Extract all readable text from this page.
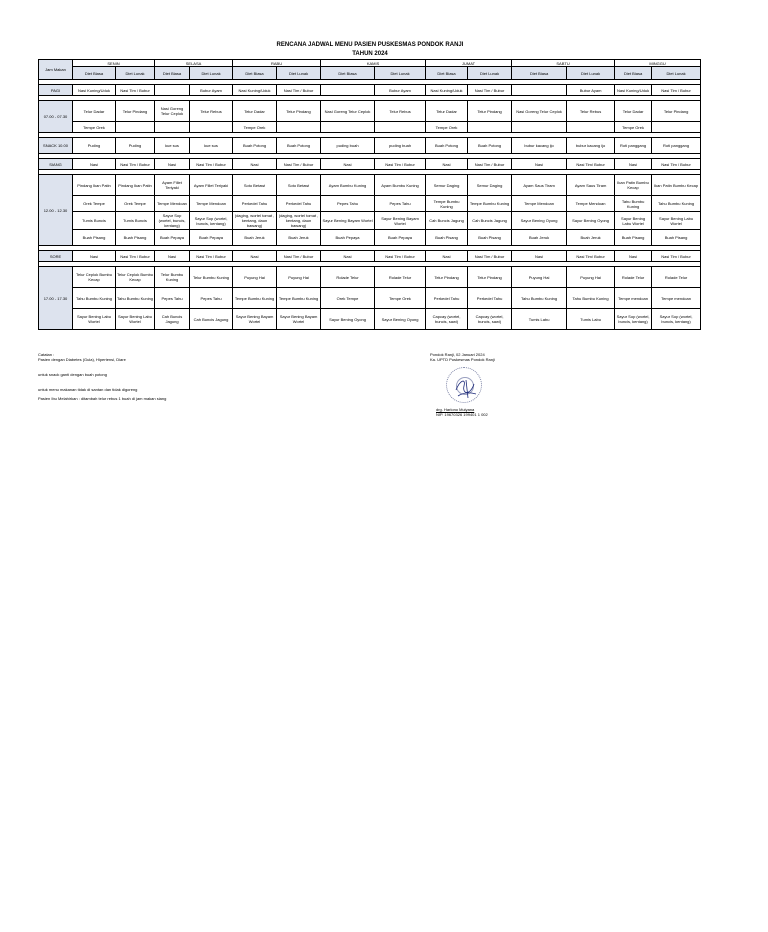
RENCANA JADWAL MENU PASIEN PUSKESMAS PONDOK RANJI
TAHUN 2024
Jam Makan	SENIN		SELASA		RABU		KAMIS		JUMAT		SABTU		MINGGU	
	Diet Biasa	Diet Lunak	Diet Biasa	Diet Lunak	Diet Biasa	Diet Lunak	Diet Biasa	Diet Lunak	Diet Biasa	Diet Lunak	Diet Biasa	Diet Lunak	Diet Biasa	Diet Lunak

PAGI	Nasi Kuning/Uduk	Nasi Tim / Bubur		Bubur Ayam	Nasi Kuning/Uduk	Nasi Tim / Bubur		Bubur Ayam	Nasi Kuning/Uduk	Nasi Tim / Bubur		Bubur Ayam	Nasi Kuning/Uduk	Nasi Tim / Bubur

07.00 - 07.30	Telur Dadar	Telur Pindang	Nasi Goreng Telur Ceplok	Telur Rebus	Telur Dadar	Telur Pindang	Nasi Goreng Telur Ceplok	Telur Rebus	Telur Dadar	Telur Pindang	Nasi Goreng Telur Ceplok	Telur Rebus	Telur Dadar	Telur Pindang
	Tempe Orek				Tempe Orek				Tempe Orek				Tempe Orek	

SNACK 10.00	Puding	Puding	kue sus	kue sus	Buah Potong	Buah Potong	puding buah	puding buah	Buah Potong	Buah Potong	bubur kacang ijo	bubur kacang ijo	Roti panggang	Roti panggang

SIANG	Nasi	Nasi Tim / Bubur	Nasi	Nasi Tim / Bubur	Nasi	Nasi Tim / Bubur	Nasi	Nasi Tim / Bubur	Nasi	Nasi Tim / Bubur	Nasi	Nasi Tim/ Bubur	Nasi	Nasi Tim / Bubur

12.00 - 12.30	Pindang Ikan Patin	Pindang Ikan Patin	Ayam Fillet Teriyaki	Ayam Fillet Teriyaki	Soto Betawi	Soto Betawi	Ayam Bumbu Kuning	Ayam Bumbu Kuning	Semur Daging	Semur Daging	Ayam Saus Tiram	Ayam Saus Tiram	Ikan Patin Bumbu Kecap	Ikan Patin Bumbu Kecap
	Orek Tempe	Orek Tempe	Tempe Mendoan	Tempe Mendoan	Perkedel Tahu	Perkedel Tahu	Pepes Tahu	Pepes Tahu	Tempe Bumbu Kuning	Tempe Bumbu Kuning	Tempe Mendoan	Tempe Mendoan	Tahu Bumbu Kuning	Tahu Bumbu Kuning
	Tumis Buncis	Tumis Buncis	Sayur Sop (wortel, buncis, kentang)	Sayur Sop (wortel, buncis, kentang)	(daging, wortel tomat , kentang, daun bawang)	(daging, wortel tomat , kentang, daun bawang)	Sayur Bening Bayam Wortel	Sayur Bening Bayam Wortel	Cah Buncis Jagung	Cah Buncis Jagung	Sayur Bening Oyong	Sayur Bening Oyong	Sayur Bening Labu Wortel	Sayur Bening Labu Wortel
	Buah Pisang	Buah Pisang	Buah Pepaya	Buah Pepaya	Buah Jeruk	Buah Jeruk	Buah Pepaya	Buah Pepaya	Buah Pisang	Buah Pisang	Buah Jeruk	Buah Jeruk	Buah Pisang	Buah Pisang

SORE	Nasi	Nasi Tim / Bubur	Nasi	Nasi Tim / Bubur	Nasi	Nasi Tim / Bubur	Nasi	Nasi Tim / Bubur	Nasi	Nasi Tim / Bubur	Nasi	Nasi Tim/ Bubur	Nasi	Nasi Tim / Bubur

17.00 - 17.30	Telur Ceplok Bumbu Kecap	Telur Ceplok Bumbu Kecap	Telur Bumbu Kuning	Telur Bumbu Kuning	Puyung Hai	Puyung Hai	Rolade Telur	Rolade Telur	Telur Pindang	Telur Pindang	Puyung Hai	Puyung Hai	Rolade Telur	Rolade Telur
	Tahu Bumbu Kuning	Tahu Bumbu Kuning	Pepes Tahu	Pepes Tahu	Tempe Bumbu Kuning	Tempe Bumbu Kuning	Orek Tempe	Tempe Orek	Perkedel Tahu	Perkedel Tahu	Tahu Bumbu Kuning	Tahu Bumbu Kuning	Tempe mendoan	Tempe mendoan
	Sayur Bening Labu Wortel	Sayur Bening Labu Wortel	Cah Buncis Jagung	Cah Buncis Jagung	Sayur Bening Bayam Wortel	Sayur Bening Bayam Wortel	Sayur Bening Oyong	Sayur Bening Oyong	Capcay (wortel, buncis, sawi)	Capcay (wortel, buncis, sawi)	Tumis Labu	Tumis Labu	Sayur Sop (wortel, buncis, kentang)	Sayur Sop (wortel, buncis, kentang)
Catatan :
Pasien dengan Diabetes (Gula), Hipertensi, Diare
untuk snack ganti dengan buah potong
untuk menu makanan tidak di santan dan tidak digoreng
Pasien Ibu Melahirkan : ditambah telur rebus 1 buah di jam makan siang
Pondok Ranji, 02 Januari 2024
Ka. UPTD Puskesmas Pondok Ranji
drg. Harlono Mulyana
NIP. 19670326 199401 1 002
